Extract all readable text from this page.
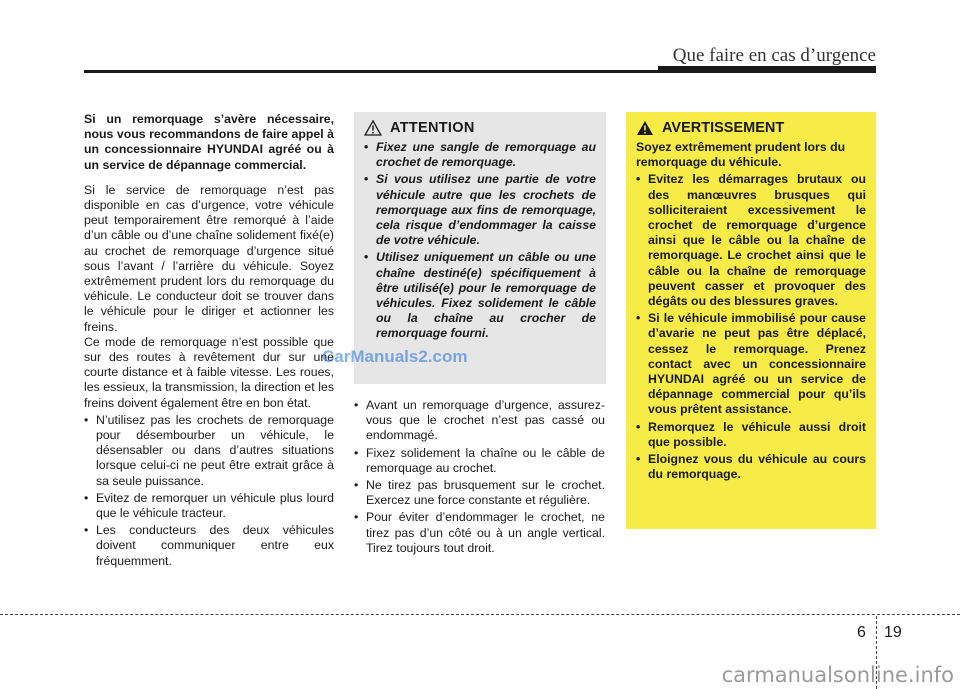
Que faire en cas d’urgence

Si un remorquage s’avère nécessaire, nous vous recommandons de faire appel à un concessionnaire HYUNDAI agréé ou à un service de dépannage commercial.

Si le service de remorquage n’est pas disponible en cas d’urgence, votre véhicule peut temporairement être remorqué à l’aide d’un câble ou d’une chaîne solidement fixé(e) au crochet de remorquage d’urgence situé sous l’avant / l’arrière du véhicule. Soyez extrêmement prudent lors du remorquage du véhicule. Le conducteur doit se trouver dans le véhicule pour le diriger et actionner les freins.

Ce mode de remorquage n’est possible que sur des routes à revêtement dur sur une courte distance et à faible vitesse. Les roues, les essieux, la transmission, la direction et les freins doivent également être en bon état.

• N’utilisez pas les crochets de remorquage pour désembourber un véhicule, le désensabler ou dans d’autres situations lorsque celui-ci ne peut être extrait grâce à sa seule puissance.
• Evitez de remorquer un véhicule plus lourd que le véhicule tracteur.
• Les conducteurs des deux véhicules doivent communiquer entre eux fréquemment.
ATTENTION
• Fixez une sangle de remorquage au crochet de remorquage.
• Si vous utilisez une partie de votre véhicule autre que les crochets de remorquage aux fins de remorquage, cela risque d’endommager la caisse de votre véhicule.
• Utilisez uniquement un câble ou une chaîne destiné(e) spécifiquement à être utilisé(e) pour le remorquage de véhicules. Fixez solidement le câble ou la chaîne au crocher de remorquage fourni.
CarManuals2.com
• Avant un remorquage d’urgence, assurez-vous que le crochet n’est pas cassé ou endommagé.
• Fixez solidement la chaîne ou le câble de remorquage au crochet.
• Ne tirez pas brusquement sur le crochet. Exercez une force constante et régulière.
• Pour éviter d’endommager le crochet, ne tirez pas d’un côté ou à un angle vertical. Tirez toujours tout droit.
AVERTISSEMENT

Soyez extrêmement prudent lors du remorquage du véhicule.

• Evitez les démarrages brutaux ou des manœuvres brusques qui solliciteraient excessivement le crochet de remorquage d’urgence ainsi que le câble ou la chaîne de remorquage. Le crochet ainsi que le câble ou la chaîne de remorquage peuvent casser et provoquer des dégâts ou des blessures graves.
• Si le véhicule immobilisé pour cause d’avarie ne peut pas être déplacé, cessez le remorquage. Prenez contact avec un concessionnaire HYUNDAI agréé ou un service de dépannage commercial pour qu’ils vous prêtent assistance.
• Remorquez le véhicule aussi droit que possible.
• Eloignez vous du véhicule au cours du remorquage.
6 19
carmanualsonline.info
